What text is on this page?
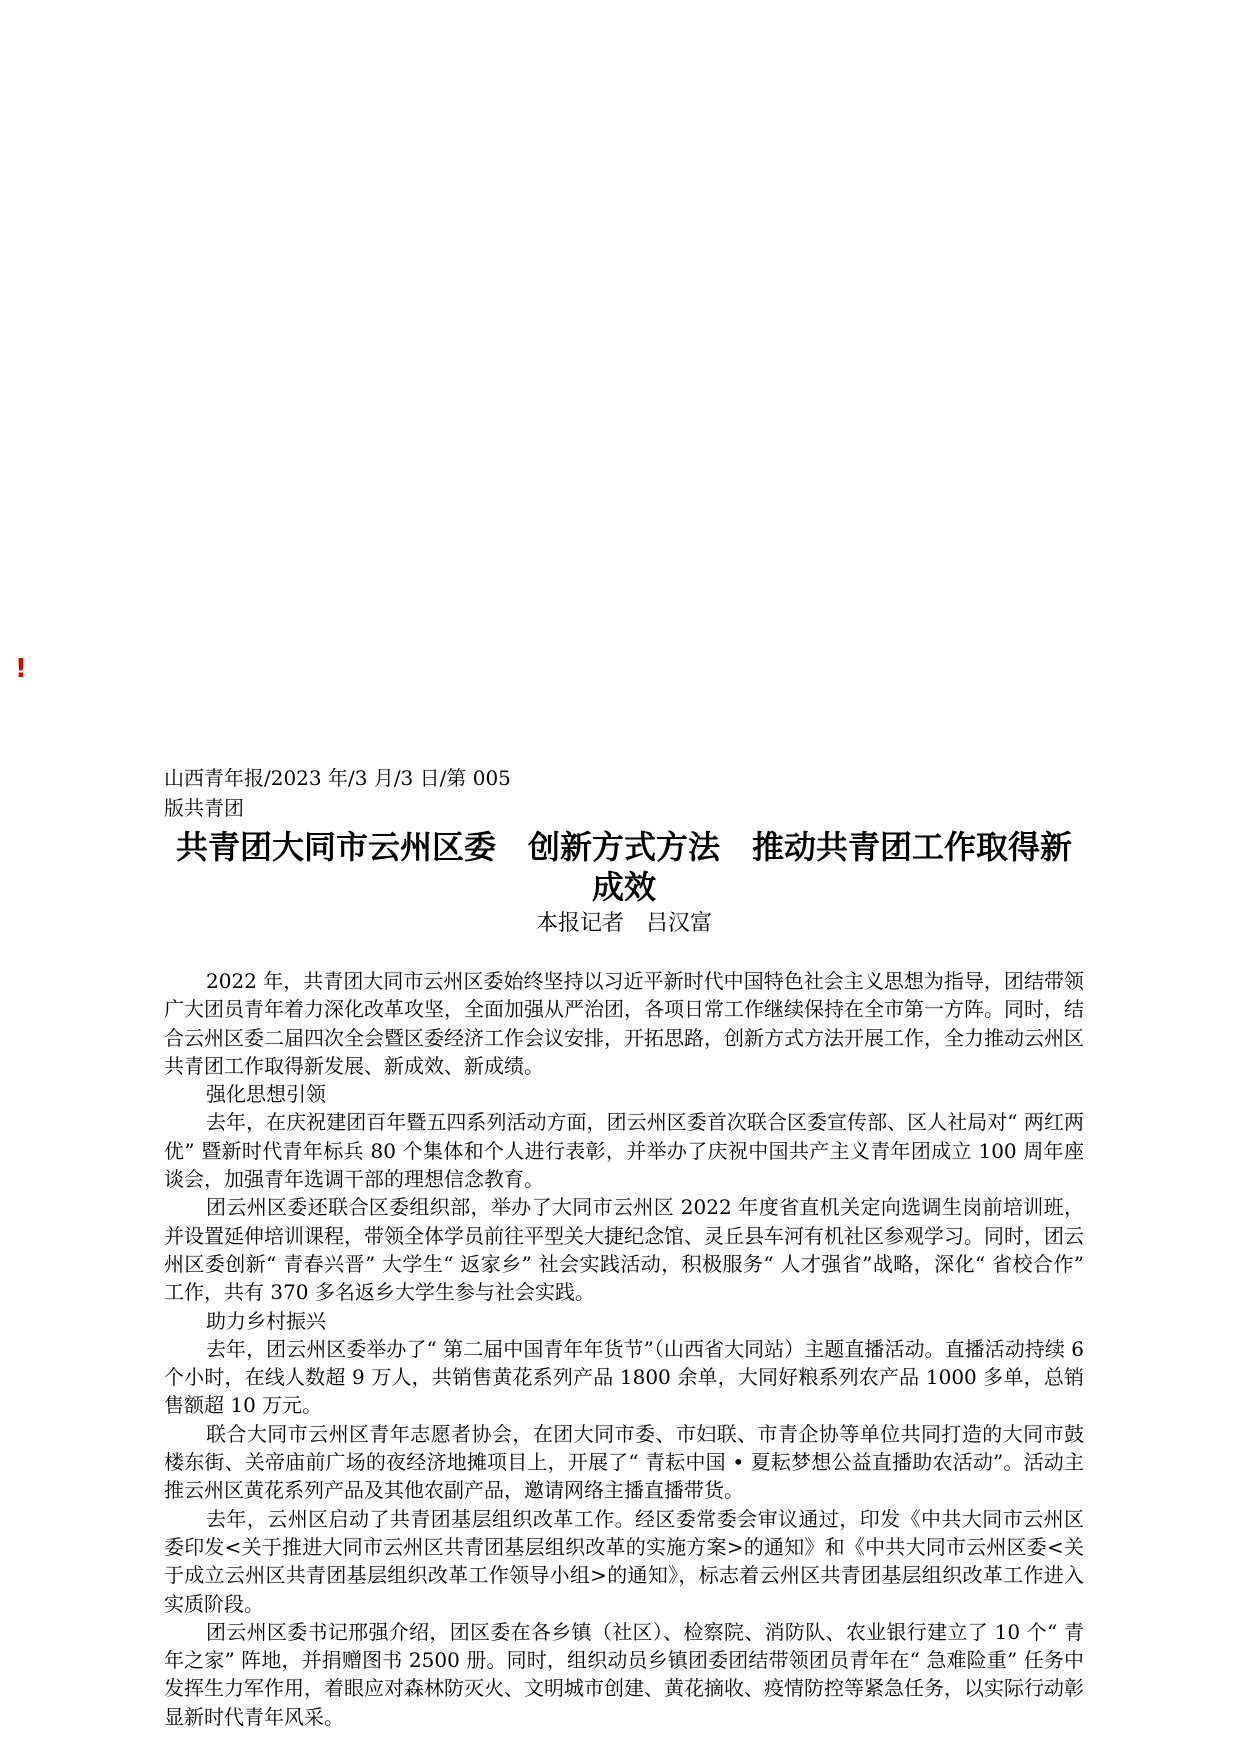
!

山西青年报/2023 年/3 月/3 日/第 005

版共青团

共青团大同市云州区委　创新方式方法　推动共青团工作取得新成效

本报记者　吕汉富

2022 年，共青团大同市云州区委始终坚持以习近平新时代中国特色社会主义思想为指导，团结带领广大团员青年着力深化改革攻坚，全面加强从严治团，各项日常工作继续保持在全市第一方阵。同时，结合云州区委二届四次全会暨区委经济工作会议安排，开拓思路，创新方式方法开展工作，全力推动云州区共青团工作取得新发展、新成效、新成绩。

强化思想引领

去年，在庆祝建团百年暨五四系列活动方面，团云州区委首次联合区委宣传部、区人社局对“ 两红两优” 暨新时代青年标兵 80 个集体和个人进行表彰，并举办了庆祝中国共产主义青年团成立 100 周年座谈会，加强青年选调干部的理想信念教育。

团云州区委还联合区委组织部，举办了大同市云州区 2022 年度省直机关定向选调生岗前培训班，并设置延伸培训课程，带领全体学员前往平型关大捷纪念馆、灵丘县车河有机社区参观学习。同时，团云州区委创新“ 青春兴晋” 大学生“ 返家乡” 社会实践活动，积极服务“ 人才强省”战略，深化“ 省校合作” 工作，共有 370 多名返乡大学生参与社会实践。

助力乡村振兴

去年，团云州区委举办了“ 第二届中国青年年货节”（山西省大同站）主题直播活动。直播活动持续 6 个小时，在线人数超 9 万人，共销售黄花系列产品 1800 余单，大同好粮系列农产品 1000 多单，总销售额超 10 万元。

联合大同市云州区青年志愿者协会，在团大同市委、市妇联、市青企协等单位共同打造的大同市鼓楼东街、关帝庙前广场的夜经济地摊项目上，开展了“ 青耘中国 • 夏耘梦想公益直播助农活动”。活动主推云州区黄花系列产品及其他农副产品，邀请网络主播直播带货。

去年，云州区启动了共青团基层组织改革工作。经区委常委会审议通过，印发《中共大同市云州区委印发<关于推进大同市云州区共青团基层组织改革的实施方案>的通知》和《中共大同市云州区委<关于成立云州区共青团基层组织改革工作领导小组>的通知》，标志着云州区共青团基层组织改革工作进入实质阶段。

团云州区委书记邢强介绍，团区委在各乡镇（社区）、检察院、消防队、农业银行建立了 10 个“ 青年之家” 阵地，并捐赠图书 2500 册。同时，组织动员乡镇团委团结带领团员青年在“ 急难险重” 任务中发挥生力军作用，着眼应对森林防灭火、文明城市创建、黄花摘收、疫情防控等紧急任务，以实际行动彰显新时代青年风采。
